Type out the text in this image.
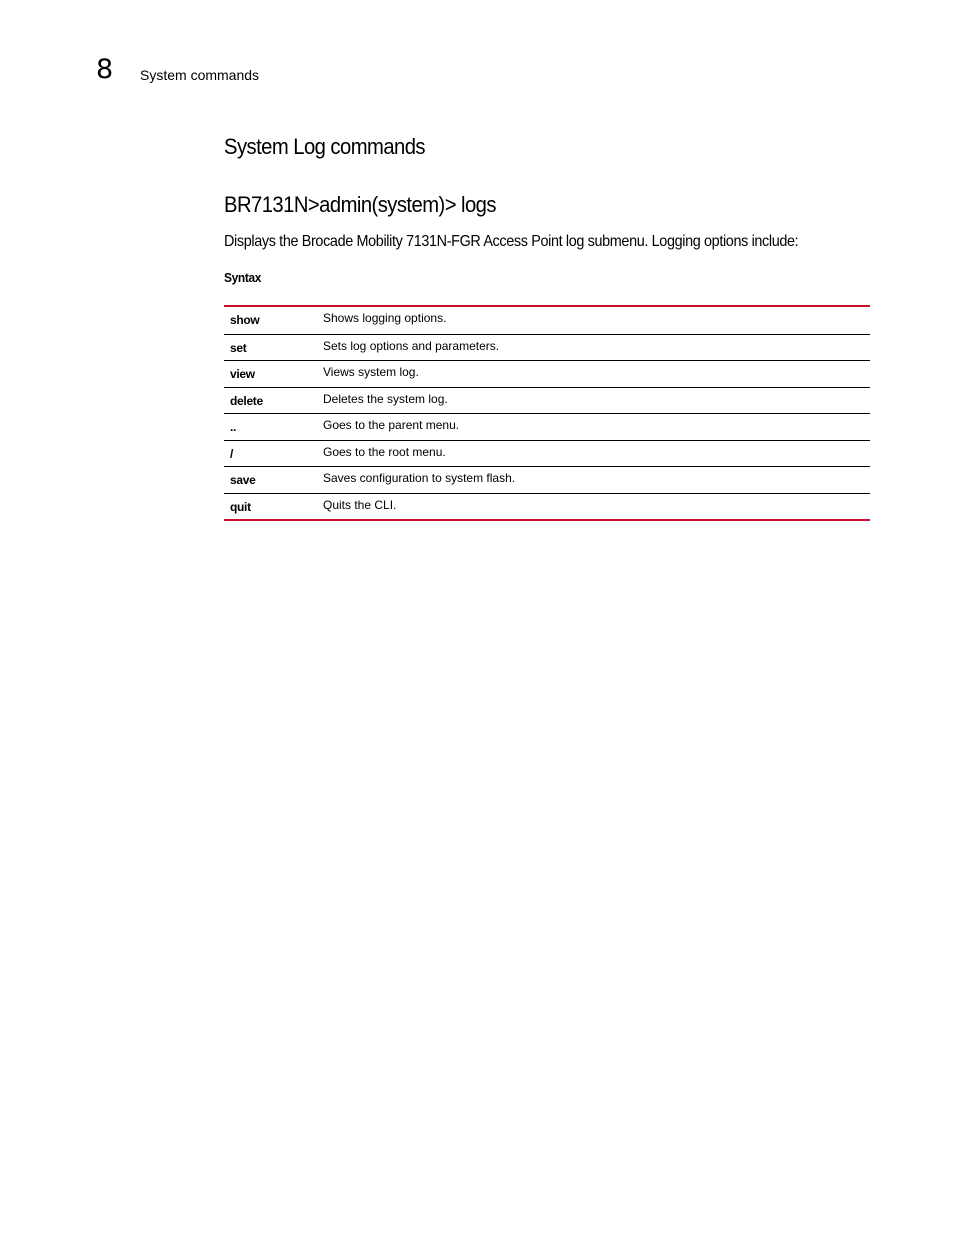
8 System commands
System Log commands
BR7131N>admin(system)> logs

Displays the Brocade Mobility 7131N-FGR Access Point log submenu. Logging options include:

Syntax

show	Shows logging options.
set	Sets log options and parameters.
view	Views system log.
delete	Deletes the system log.
..	Goes to the parent menu.
/	Goes to the root menu.
save	Saves configuration to system flash.
quit	Quits the CLI.
